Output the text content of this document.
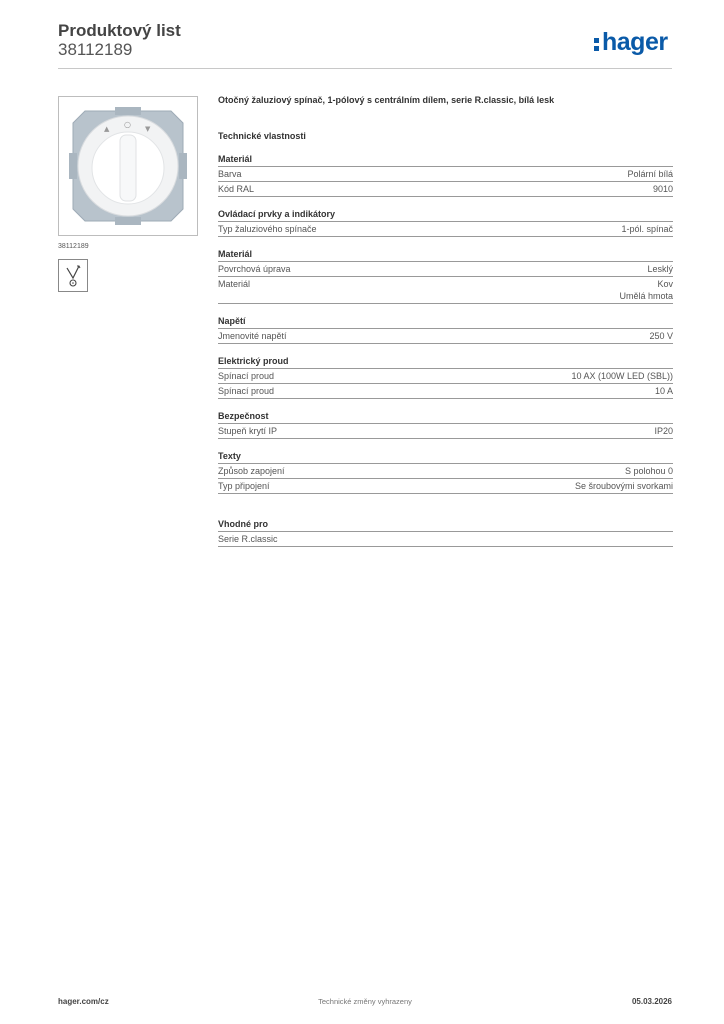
Produktový list
38112189	hager
▲ ○ ▼
38112189
Otočný žaluziový spínač, 1-pólový s centrálním dílem, serie R.classic, bílá lesk
Technické vlastnosti
Materiál
Barva	Polární bílá
Kód RAL	9010
Ovládací prvky a indikátory
Typ žaluziového spínače	1-pól. spínač
Materiál
Povrchová úprava	Lesklý
Materiál	Kov
Umělá hmota
Napětí
Jmenovité napětí	250 V
Elektrický proud
Spínací proud	10 AX (100W LED (SBL))
Spínací proud	10 A
Bezpečnost
Stupeň krytí IP	IP20
Texty
Způsob zapojení	S polohou 0
Typ připojení	Se šroubovými svorkami
Vhodné pro
Serie R.classic
hager.com/cz	Technické změny vyhrazeny	05.03.2026
